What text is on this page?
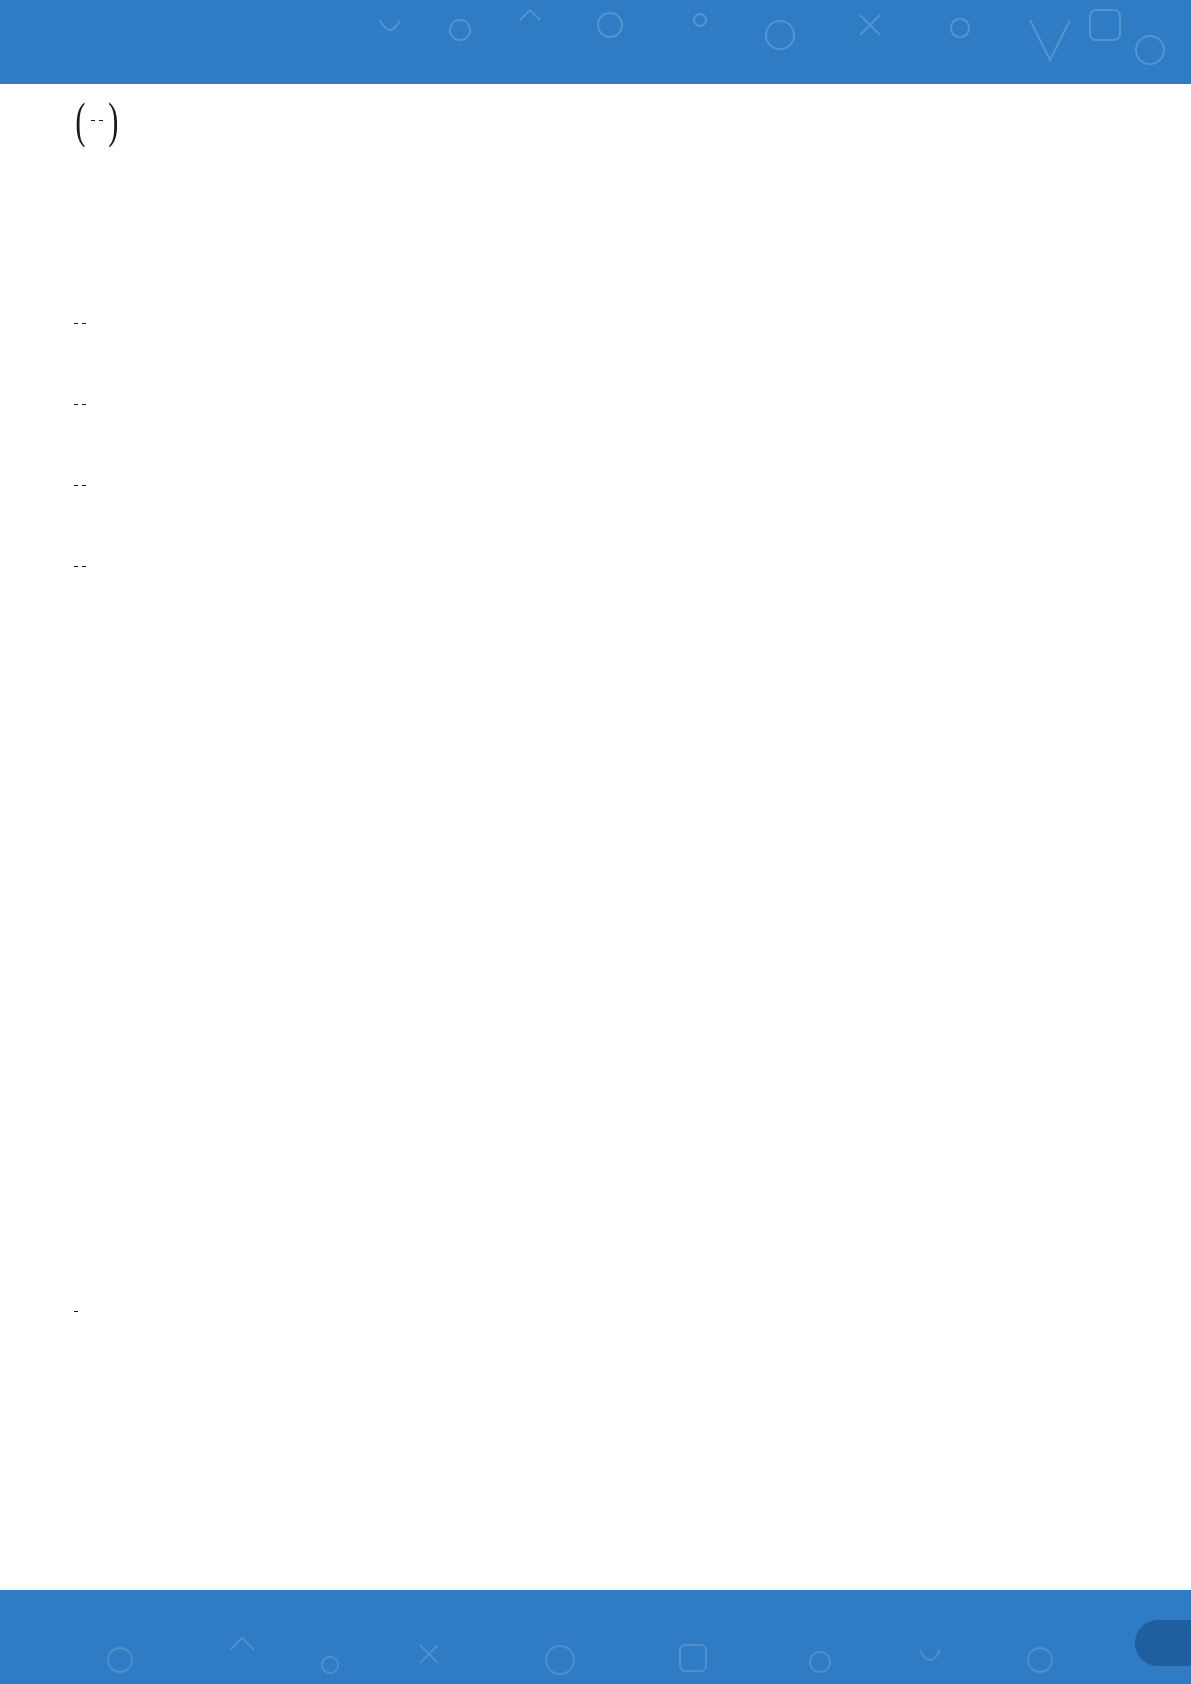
( )
